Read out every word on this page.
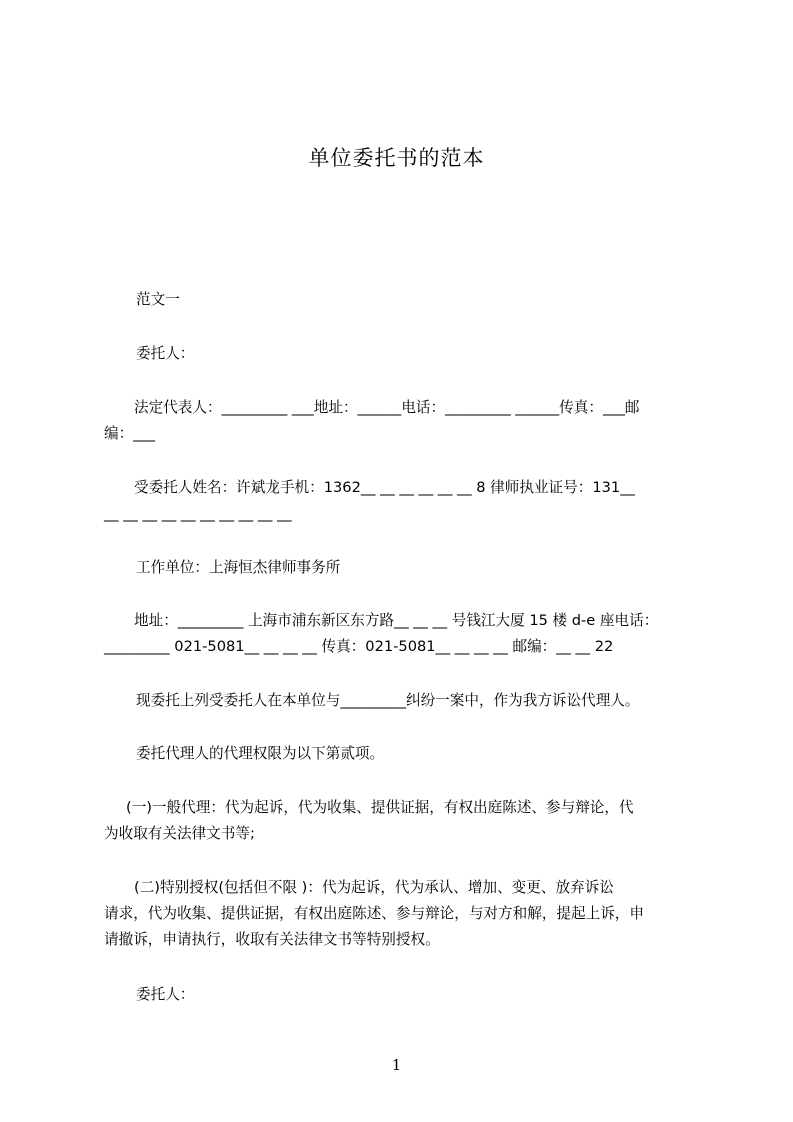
单位委托书的范本
范文一
委托人：
法定代表人：_________ ___地址：______电话：_________ ______传真：___邮
编：___
受委托人姓名：许斌龙手机：1362__ __ __ __ __ __ 8 律师执业证号：131__
__ __ __ __ __ __ __ __ __ __
工作单位：上海恒杰律师事务所
地址：_________ 上海市浦东新区东方路__ __ __ 号钱江大厦 15 楼 d-e 座电话：
_________ 021-5081__ __ __ __ 传真：021-5081__ __ __ __ 邮编：__ __ 22
现委托上列受委托人在本单位与_________纠纷一案中，作为我方诉讼代理人。
委托代理人的代理权限为以下第贰项。
(一)一般代理：代为起诉，代为收集、提供证据，有权出庭陈述、参与辩论，代
为收取有关法律文书等;
(二)特别授权(包括但不限 )：代为起诉，代为承认、增加、变更、放弃诉讼
请求，代为收集、提供证据，有权出庭陈述、参与辩论，与对方和解，提起上诉，申
请撤诉，申请执行，收取有关法律文书等特别授权。
委托人：
1
